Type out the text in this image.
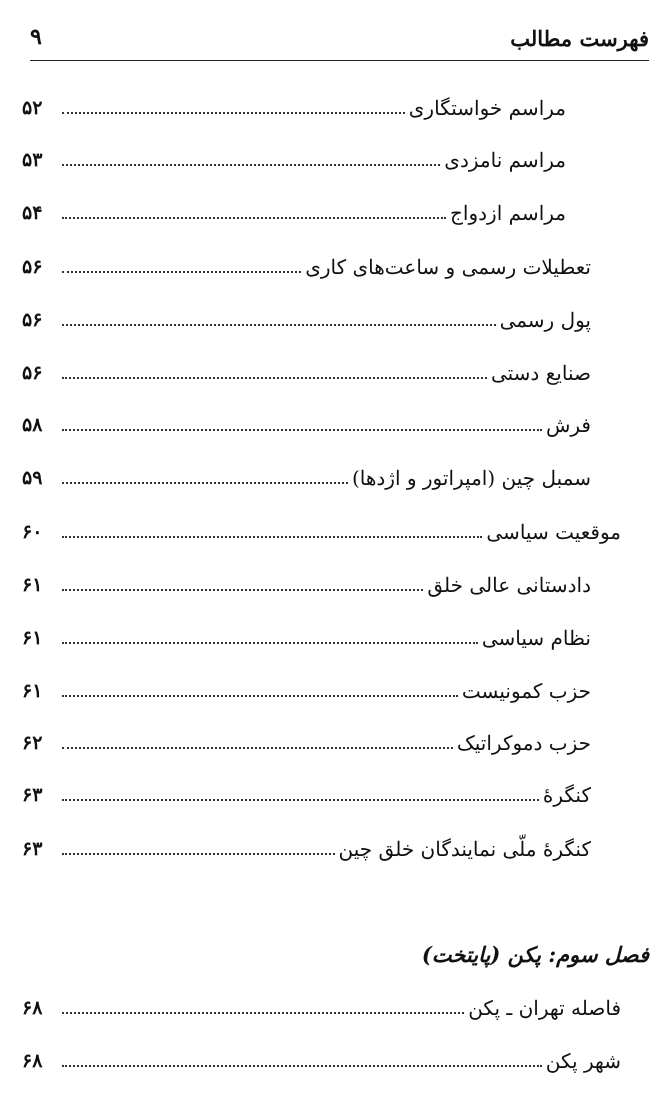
فهرست مطالب
۹
مراسم خواستگاری
۵۲
مراسم نامزدی
۵۳
مراسم ازدواج
۵۴
تعطیلات رسمی و ساعت‌های کاری
۵۶
پول رسمی
۵۶
صنایع دستی
۵۶
فرش
۵۸
سمبل چین (امپراتور و اژدها)
۵۹
موقعیت سیاسی
۶۰
دادستانی عالی خلق
۶۱
نظام سیاسی
۶۱
حزب کمونیست
۶۱
حزب دموکراتیک
۶۲
کنگرهٔ
۶۳
کنگرهٔ ملّی نمایندگان خلق چین
۶۳
فصل سوم: پکن (پایتخت)
فاصله تهران ـ پکن
۶۸
شهر پکن
۶۸
